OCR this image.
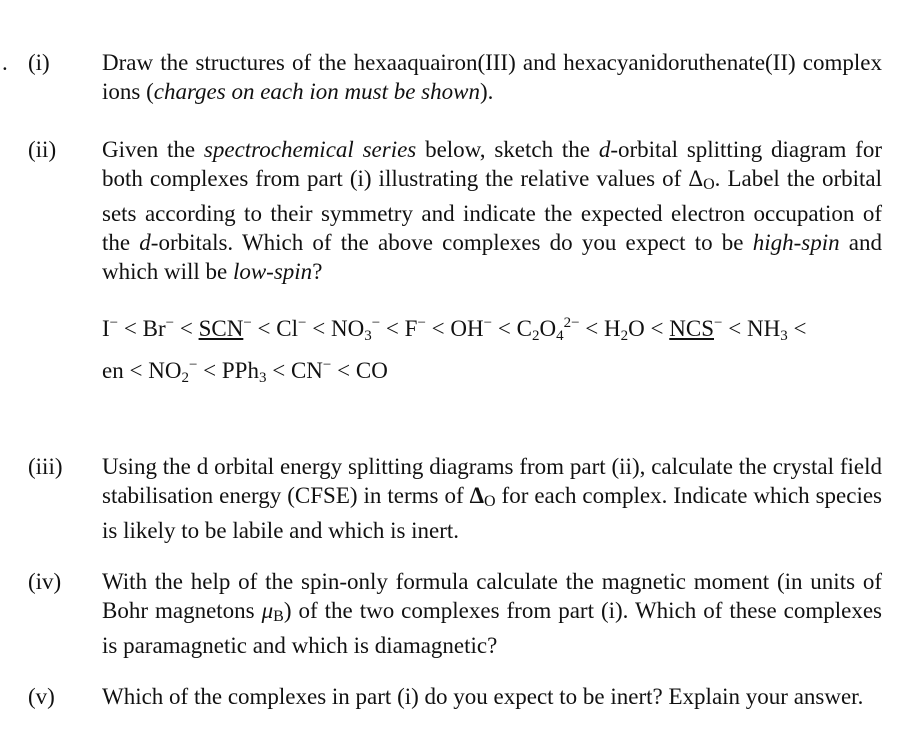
. (i) Draw the structures of the hexaaquairon(III) and hexacyanidoruthenate(II) complex ions (charges on each ion must be shown).
(ii) Given the spectrochemical series below, sketch the d-orbital splitting diagram for both complexes from part (i) illustrating the relative values of ΔO. Label the orbital sets according to their symmetry and indicate the expected electron occupation of the d-orbitals. Which of the above complexes do you expect to be high-spin and which will be low-spin?
$I^- < Br^- < SCN^- < Cl^- < NO_3^- < F^- < OH^- < C_2O_4^{2-} < H_2O < NCS^- < NH_3$ <
en < $NO_2^- < PPh_3 < CN^-$ < CO
(iii) Using the d orbital energy splitting diagrams from part (ii), calculate the crystal field stabilisation energy (CFSE) in terms of ΔO for each complex. Indicate which species is likely to be labile and which is inert.
(iv) With the help of the spin-only formula calculate the magnetic moment (in units of Bohr magnetons μB) of the two complexes from part (i). Which of these complexes is paramagnetic and which is diamagnetic?
(v) Which of the complexes in part (i) do you expect to be inert? Explain your answer.
